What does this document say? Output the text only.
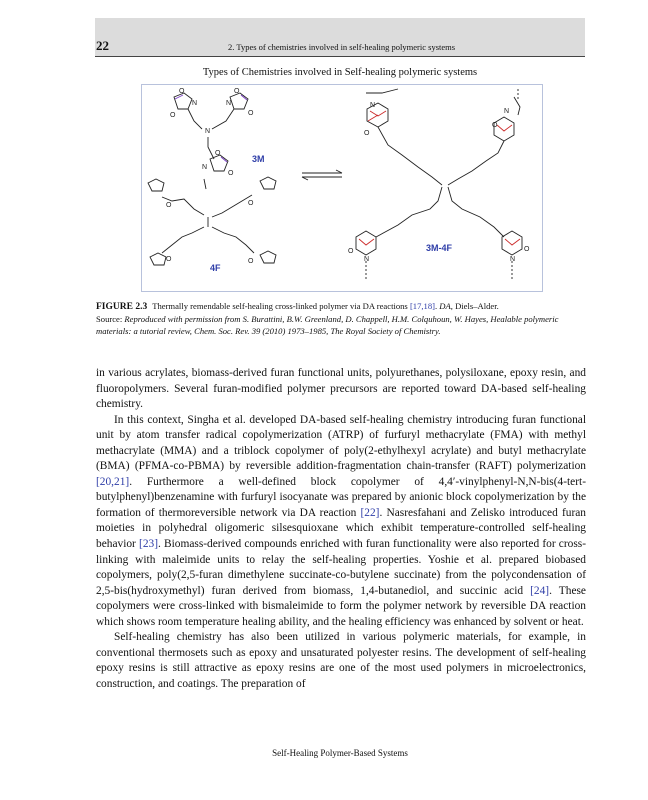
22	2. Types of chemistries involved in self-healing polymeric systems
Types of Chemistries involved in Self-healing polymeric systems
O
O
N
O
O
N
N
O
N
O
O	O
O	O
N
O
N
O
N
O
N
O
3M
4F
3M-4F
FIGURE 2.3 Thermally remendable self-healing cross-linked polymer via DA reactions [17,18]. DA, Diels–Alder.
Source: Reproduced with permission from S. Burattini, B.W. Greenland, D. Chappell, H.M. Colquhoun, W. Hayes, Healable polymeric materials: a tutorial review, Chem. Soc. Rev. 39 (2010) 1973–1985, The Royal Society of Chemistry.

in various acrylates, biomass-derived furan functional units, polyurethanes, polysiloxane, epoxy resin, and fluoropolymers. Several furan-modified polymer precursors are reported toward DA-based self-healing chemistry.

In this context, Singha et al. developed DA-based self-healing chemistry introducing furan functional unit by atom transfer radical copolymerization (ATRP) of furfuryl methacrylate (FMA) with methyl methacrylate (MMA) and a triblock copolymer of poly(2-ethylhexyl acrylate) and butyl methacrylate (BMA) (PFMA-co-PBMA) by reversible addition-fragmentation chain-transfer (RAFT) polymerization [20,21]. Furthermore a well-defined block copolymer of 4,4′-vinylphenyl-N,N-bis(4-tert-butylphenyl)benzenamine with furfuryl isocyanate was prepared by anionic block copolymerization by the formation of thermoreversible network via DA reaction [22]. Nasresfahani and Zelisko introduced furan moieties in polyhedral oligomeric silsesquioxane which exhibit temperature-controlled self-healing behavior [23]. Biomass-derived compounds enriched with furan functionality were also reported for cross-linking with maleimide units to relay the self-healing properties. Yoshie et al. prepared biobased copolymers, poly(2,5-furan dimethylene succinate-co-butylene succinate) from the polycondensation of 2,5-bis(hydroxymethyl) furan derived from biomass, 1,4-butanediol, and succinic acid [24]. These copolymers were cross-linked with bismaleimide to form the polymer network by reversible DA reaction which shows room temperature healing ability, and the healing efficiency was enhanced by solvent or heat.

Self-healing chemistry has also been utilized in various polymeric materials, for example, in conventional thermosets such as epoxy and unsaturated polyester resins. The development of self-healing epoxy resins is still attractive as epoxy resins are one of the most used polymers in microelectronics, construction, and coatings. The preparation of

Self-Healing Polymer-Based Systems
